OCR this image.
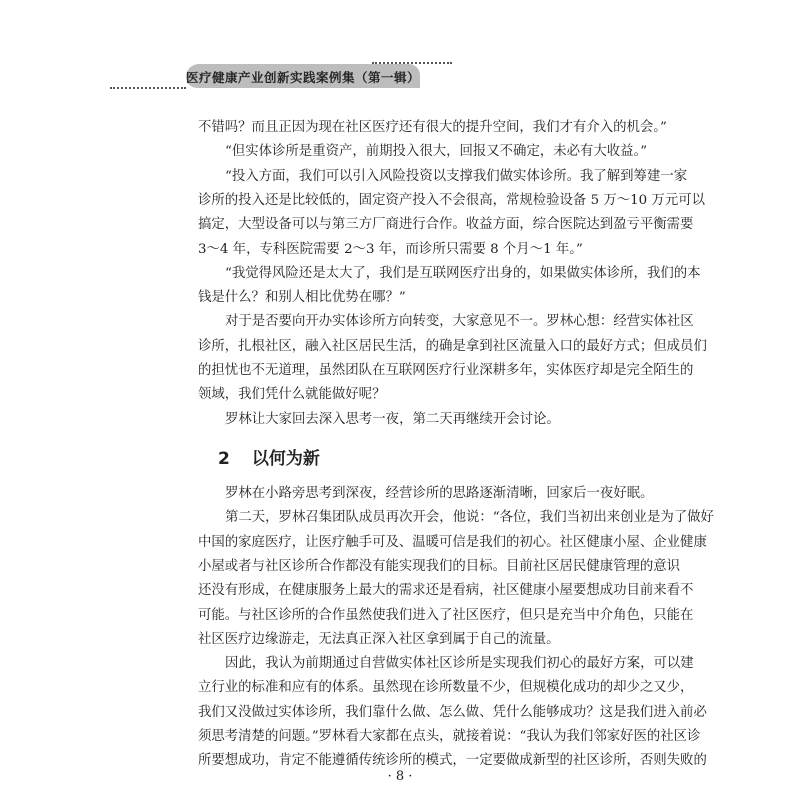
医疗健康产业创新实践案例集（第一辑）
不错吗？而且正因为现在社区医疗还有很大的提升空间，我们才有介入的机会。”
“但实体诊所是重资产，前期投入很大，回报又不确定，未必有大收益。”
“投入方面，我们可以引入风险投资以支撑我们做实体诊所。我了解到筹建一家
诊所的投入还是比较低的，固定资产投入不会很高，常规检验设备 5 万～10 万元可以
搞定，大型设备可以与第三方厂商进行合作。收益方面，综合医院达到盈亏平衡需要
3～4 年，专科医院需要 2～3 年，而诊所只需要 8 个月～1 年。”
“我觉得风险还是太大了，我们是互联网医疗出身的，如果做实体诊所，我们的本
钱是什么？和别人相比优势在哪？”
对于是否要向开办实体诊所方向转变，大家意见不一。罗林心想：经营实体社区
诊所，扎根社区，融入社区居民生活，的确是拿到社区流量入口的最好方式；但成员们
的担忧也不无道理，虽然团队在互联网医疗行业深耕多年，实体医疗却是完全陌生的
领域，我们凭什么就能做好呢？
罗林让大家回去深入思考一夜，第二天再继续开会讨论。
2 以何为新
罗林在小路旁思考到深夜，经营诊所的思路逐渐清晰，回家后一夜好眠。
第二天，罗林召集团队成员再次开会，他说：“各位，我们当初出来创业是为了做好
中国的家庭医疗，让医疗触手可及、温暖可信是我们的初心。社区健康小屋、企业健康
小屋或者与社区诊所合作都没有能实现我们的目标。目前社区居民健康管理的意识
还没有形成，在健康服务上最大的需求还是看病，社区健康小屋要想成功目前来看不
可能。与社区诊所的合作虽然使我们进入了社区医疗，但只是充当中介角色，只能在
社区医疗边缘游走，无法真正深入社区拿到属于自己的流量。
因此，我认为前期通过自营做实体社区诊所是实现我们初心的最好方案，可以建
立行业的标准和应有的体系。虽然现在诊所数量不少，但规模化成功的却少之又少，
我们又没做过实体诊所，我们靠什么做、怎么做、凭什么能够成功？这是我们进入前必
须思考清楚的问题。”罗林看大家都在点头，就接着说：“我认为我们邻家好医的社区诊
所要想成功，肯定不能遵循传统诊所的模式，一定要做成新型的社区诊所，否则失败的
· 8 ·
